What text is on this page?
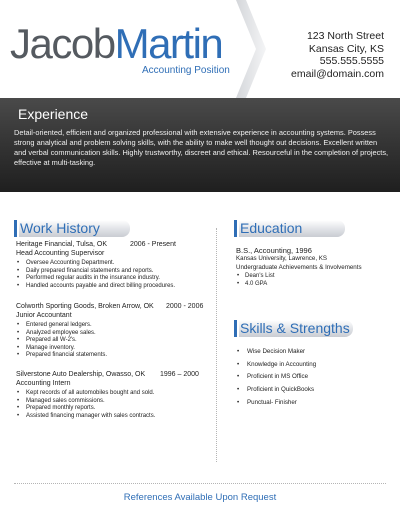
JacobMartin
Accounting Position
123 North Street
Kansas City, KS
555.555.5555
email@domain.com
Experience
Detail-oriented, efficient and organized professional with extensive experience in accounting systems. Possess strong analytical and problem solving skills, with the ability to make well thought out decisions. Excellent written and verbal communication skills. Highly trustworthy, discreet and ethical. Resourceful in the completion of projects, effective at multi-tasking.
Work History
Heritage Financial, Tulsa, OK	2006 - Present
Head Accounting Supervisor
• Oversee Accounting Department.
• Daily prepared financial statements and reports.
• Performed regular audits in the insurance industry.
• Handled accounts payable and direct billing procedures.
Colworth Sporting Goods, Broken Arrow, OK 2000 - 2006
Junior Accountant
• Entered general ledgers.
• Analyzed employee sales.
• Prepared all W-2's.
• Manage inventory.
• Prepared financial statements.
Silverstone Auto Dealership, Owasso, OK 1996 – 2000
Accounting Intern
• Kept records of all automobiles bought and sold.
• Managed sales commissions.
• Prepared monthly reports.
• Assisted financing manager with sales contracts.
Education
B.S., Accounting, 1996
Kansas University, Lawrence, KS
Undergraduate Achievements & Involvements
• Dean's List
• 4.0 GPA
Skills & Strengths
• Wise Decision Maker
• Knowledge in Accounting
• Proficient in MS Office
• Proficient in QuickBooks
• Punctual- Finisher
References Available Upon Request
